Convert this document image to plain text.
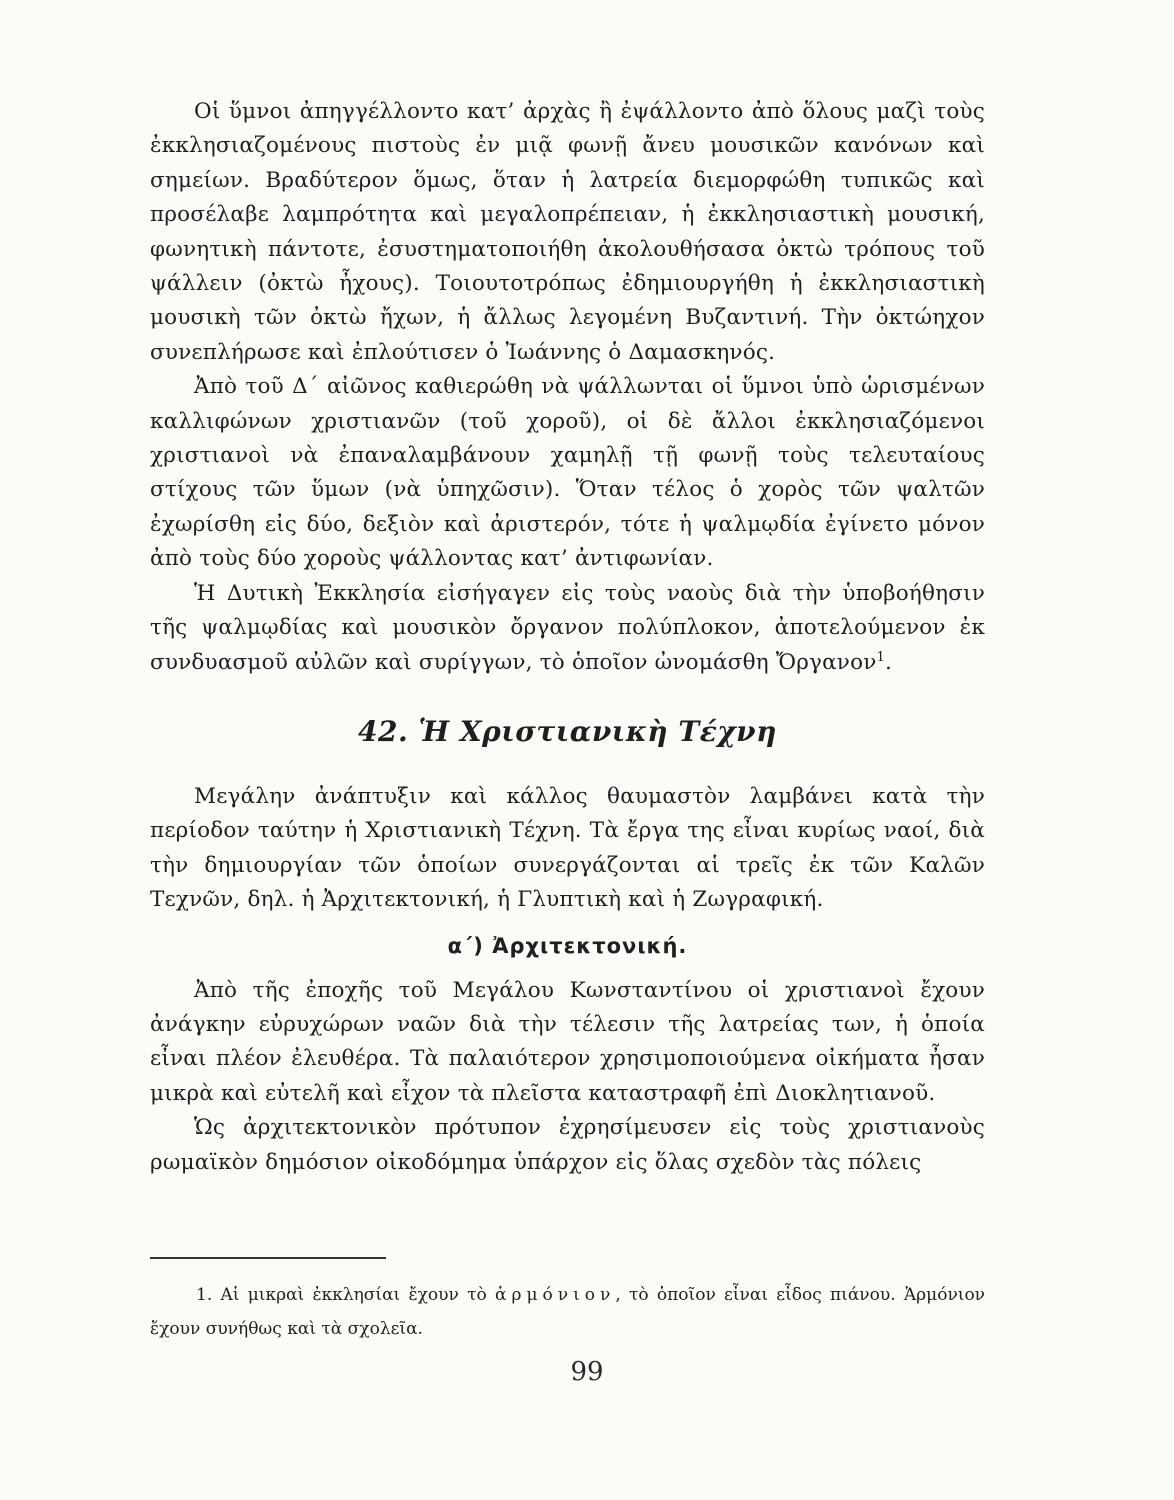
Οἱ ὕμνοι ἀπηγγέλλοντο κατ’ ἀρχὰς ἢ ἐψάλλοντο ἀπὸ ὅλους μαζὶ τοὺς ἐκκλησιαζομένους πιστοὺς ἐν μιᾷ φωνῇ ἄνευ μουσικῶν κανόνων καὶ σημείων. Βραδύτερον ὅμως, ὅταν ἡ λατρεία διεμορφώθη τυπικῶς καὶ προσέλαβε λαμπρότητα καὶ μεγαλοπρέπειαν, ἡ ἐκκλησιαστικὴ μουσική, φωνητικὴ πάντοτε, ἐσυστηματοποιήθη ἀκολουθήσασα ὀκτὼ τρόπους τοῦ ψάλλειν (ὀκτὼ ἦχους). Τοιουτοτρόπως ἐδημιουργήθη ἡ ἐκκλησιαστικὴ μουσικὴ τῶν ὀκτὼ ἤχων, ἡ ἄλλως λεγομένη Βυζαντινή. Τὴν ὀκτώηχον συνεπλήρωσε καὶ ἐπλούτισεν ὁ Ἰωάννης ὁ Δαμασκηνός.

Ἀπὸ τοῦ Δ΄ αἰῶνος καθιερώθη νὰ ψάλλωνται οἱ ὕμνοι ὑπὸ ὡρισμένων καλλιφώνων χριστιανῶν (τοῦ χοροῦ), οἱ δὲ ἄλλοι ἐκκλησιαζόμενοι χριστιανοὶ νὰ ἐπαναλαμβάνουν χαμηλῇ τῇ φωνῇ τοὺς τελευταίους στίχους τῶν ὕμων (νὰ ὑπηχῶσιν). Ὅταν τέλος ὁ χορὸς τῶν ψαλτῶν ἐχωρίσθη εἰς δύο, δεξιὸν καὶ ἀριστερόν, τότε ἡ ψαλμῳδία ἐγίνετο μόνον ἀπὸ τοὺς δύο χοροὺς ψάλλοντας κατ’ ἀντιφωνίαν.

Ἡ Δυτικὴ Ἐκκλησία εἰσήγαγεν εἰς τοὺς ναοὺς διὰ τὴν ὑποβοήθησιν τῆς ψαλμῳδίας καὶ μουσικὸν ὄργανον πολύπλοκον, ἀποτελούμενον ἐκ συνδυασμοῦ αὐλῶν καὶ συρίγγων, τὸ ὁποῖον ὠνομάσθη Ὄργανον$^1$.

42. Ἡ Χριστιανικὴ Τέχνη

Μεγάλην ἀνάπτυξιν καὶ κάλλος θαυμαστὸν λαμβάνει κατὰ τὴν περίοδον ταύτην ἡ Χριστιανικὴ Τέχνη. Τὰ ἔργα της εἶναι κυρίως ναοί, διὰ τὴν δημιουργίαν τῶν ὁποίων συνεργάζονται αἱ τρεῖς ἐκ τῶν Καλῶν Τεχνῶν, δηλ. ἡ Ἀρχιτεκτονική, ἡ Γλυπτικὴ καὶ ἡ Ζωγραφική.

α΄) Ἀρχιτεκτονική.

Ἀπὸ τῆς ἐποχῆς τοῦ Μεγάλου Κωνσταντίνου οἱ χριστιανοὶ ἔχουν ἀνάγκην εὐρυχώρων ναῶν διὰ τὴν τέλεσιν τῆς λατρείας των, ἡ ὁποία εἶναι πλέον ἐλευθέρα. Τὰ παλαιότερον χρησιμοποιούμενα οἰκήματα ἦσαν μικρὰ καὶ εὐτελῆ καὶ εἶχον τὰ πλεῖστα καταστραφῆ ἐπὶ Διοκλητιανοῦ.

Ὡς ἀρχιτεκτονικὸν πρότυπον ἐχρησίμευσεν εἰς τοὺς χριστιανοὺς ρωμαϊκὸν δημόσιον οἰκοδόμημα ὑπάρχον εἰς ὅλας σχεδὸν τὰς πόλεις

1. Αἱ μικραὶ ἐκκλησίαι ἔχουν τὸ ἁρμόνιον, τὸ ὁποῖον εἶναι εἶδος πιάνου. Ἁρμόνιον ἔχουν συνήθως καὶ τὰ σχολεῖα.

99
